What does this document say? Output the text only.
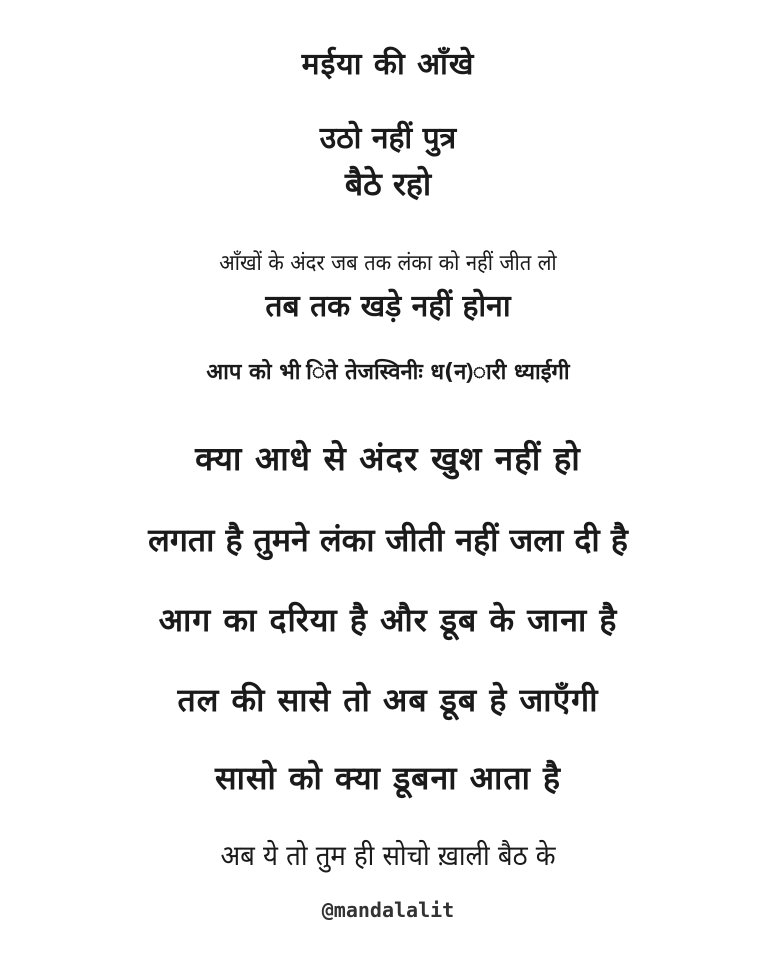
मईया की आँखे
उठो नहीं पुत्र
बैठे रहो
आँखों के अंदर जब तक लंका को नहीं जीत लो
तब तक खड़े नहीं होना
आप को भी िते तेजस्विनीः ध(न)ारी ध्याईगी
क्या आधे से अंदर खुश नहीं हो
लगता है तुमने लंका जीती नहीं जला दी है
आग का दरिया है और डूब के जाना है
तल की सासे तो अब डूब हे जाएँगी
सासो को क्या डूबना आता है
अब ये तो तुम ही सोचो ख़ाली बैठ के
@mandalalit
